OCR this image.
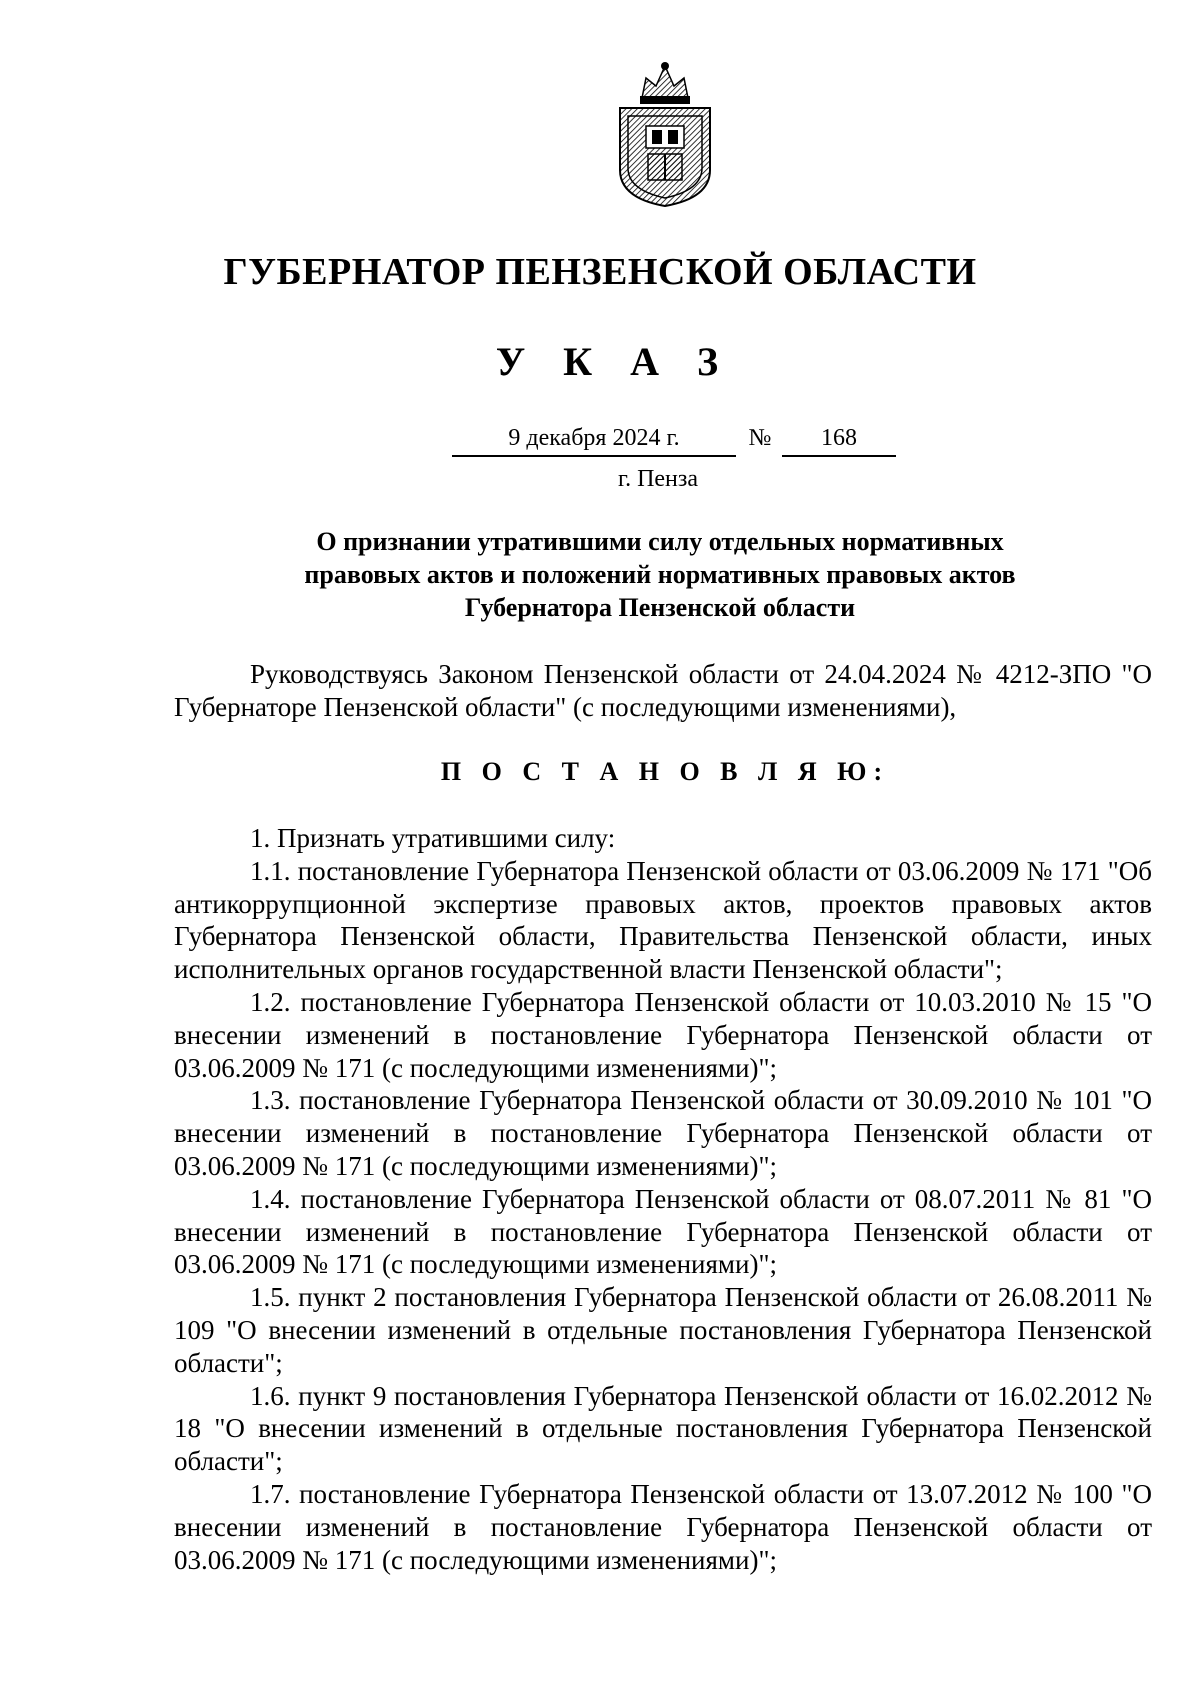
ГУБЕРНАТОР ПЕНЗЕНСКОЙ ОБЛАСТИ
У К А З
9 декабря 2024 г.	№	168
г. Пенза
О признании утратившими силу отдельных нормативных
правовых актов и положений нормативных правовых актов
Губернатора Пензенской области
Руководствуясь Законом Пензенской области от 24.04.2024 № 4212-ЗПО "О Губернаторе Пензенской области" (с последующими изменениями),
П О С Т А Н О В Л Я Ю:

1. Признать утратившими силу:

1.1. постановление Губернатора Пензенской области от 03.06.2009 № 171 "Об антикоррупционной экспертизе правовых актов, проектов правовых актов Губернатора Пензенской области, Правительства Пензенской области, иных исполнительных органов государственной власти Пензенской области";

1.2. постановление Губернатора Пензенской области от 10.03.2010 № 15 "О внесении изменений в постановление Губернатора Пензенской области от 03.06.2009 № 171 (с последующими изменениями)";

1.3. постановление Губернатора Пензенской области от 30.09.2010 № 101 "О внесении изменений в постановление Губернатора Пензенской области от 03.06.2009 № 171 (с последующими изменениями)";

1.4. постановление Губернатора Пензенской области от 08.07.2011 № 81 "О внесении изменений в постановление Губернатора Пензенской области от 03.06.2009 № 171 (с последующими изменениями)";

1.5. пункт 2 постановления Губернатора Пензенской области от 26.08.2011 № 109 "О внесении изменений в отдельные постановления Губернатора Пензенской области";

1.6. пункт 9 постановления Губернатора Пензенской области от 16.02.2012 № 18 "О внесении изменений в отдельные постановления Губернатора Пензенской области";

1.7. постановление Губернатора Пензенской области от 13.07.2012 № 100 "О внесении изменений в постановление Губернатора Пензенской области от 03.06.2009 № 171 (с последующими изменениями)";
